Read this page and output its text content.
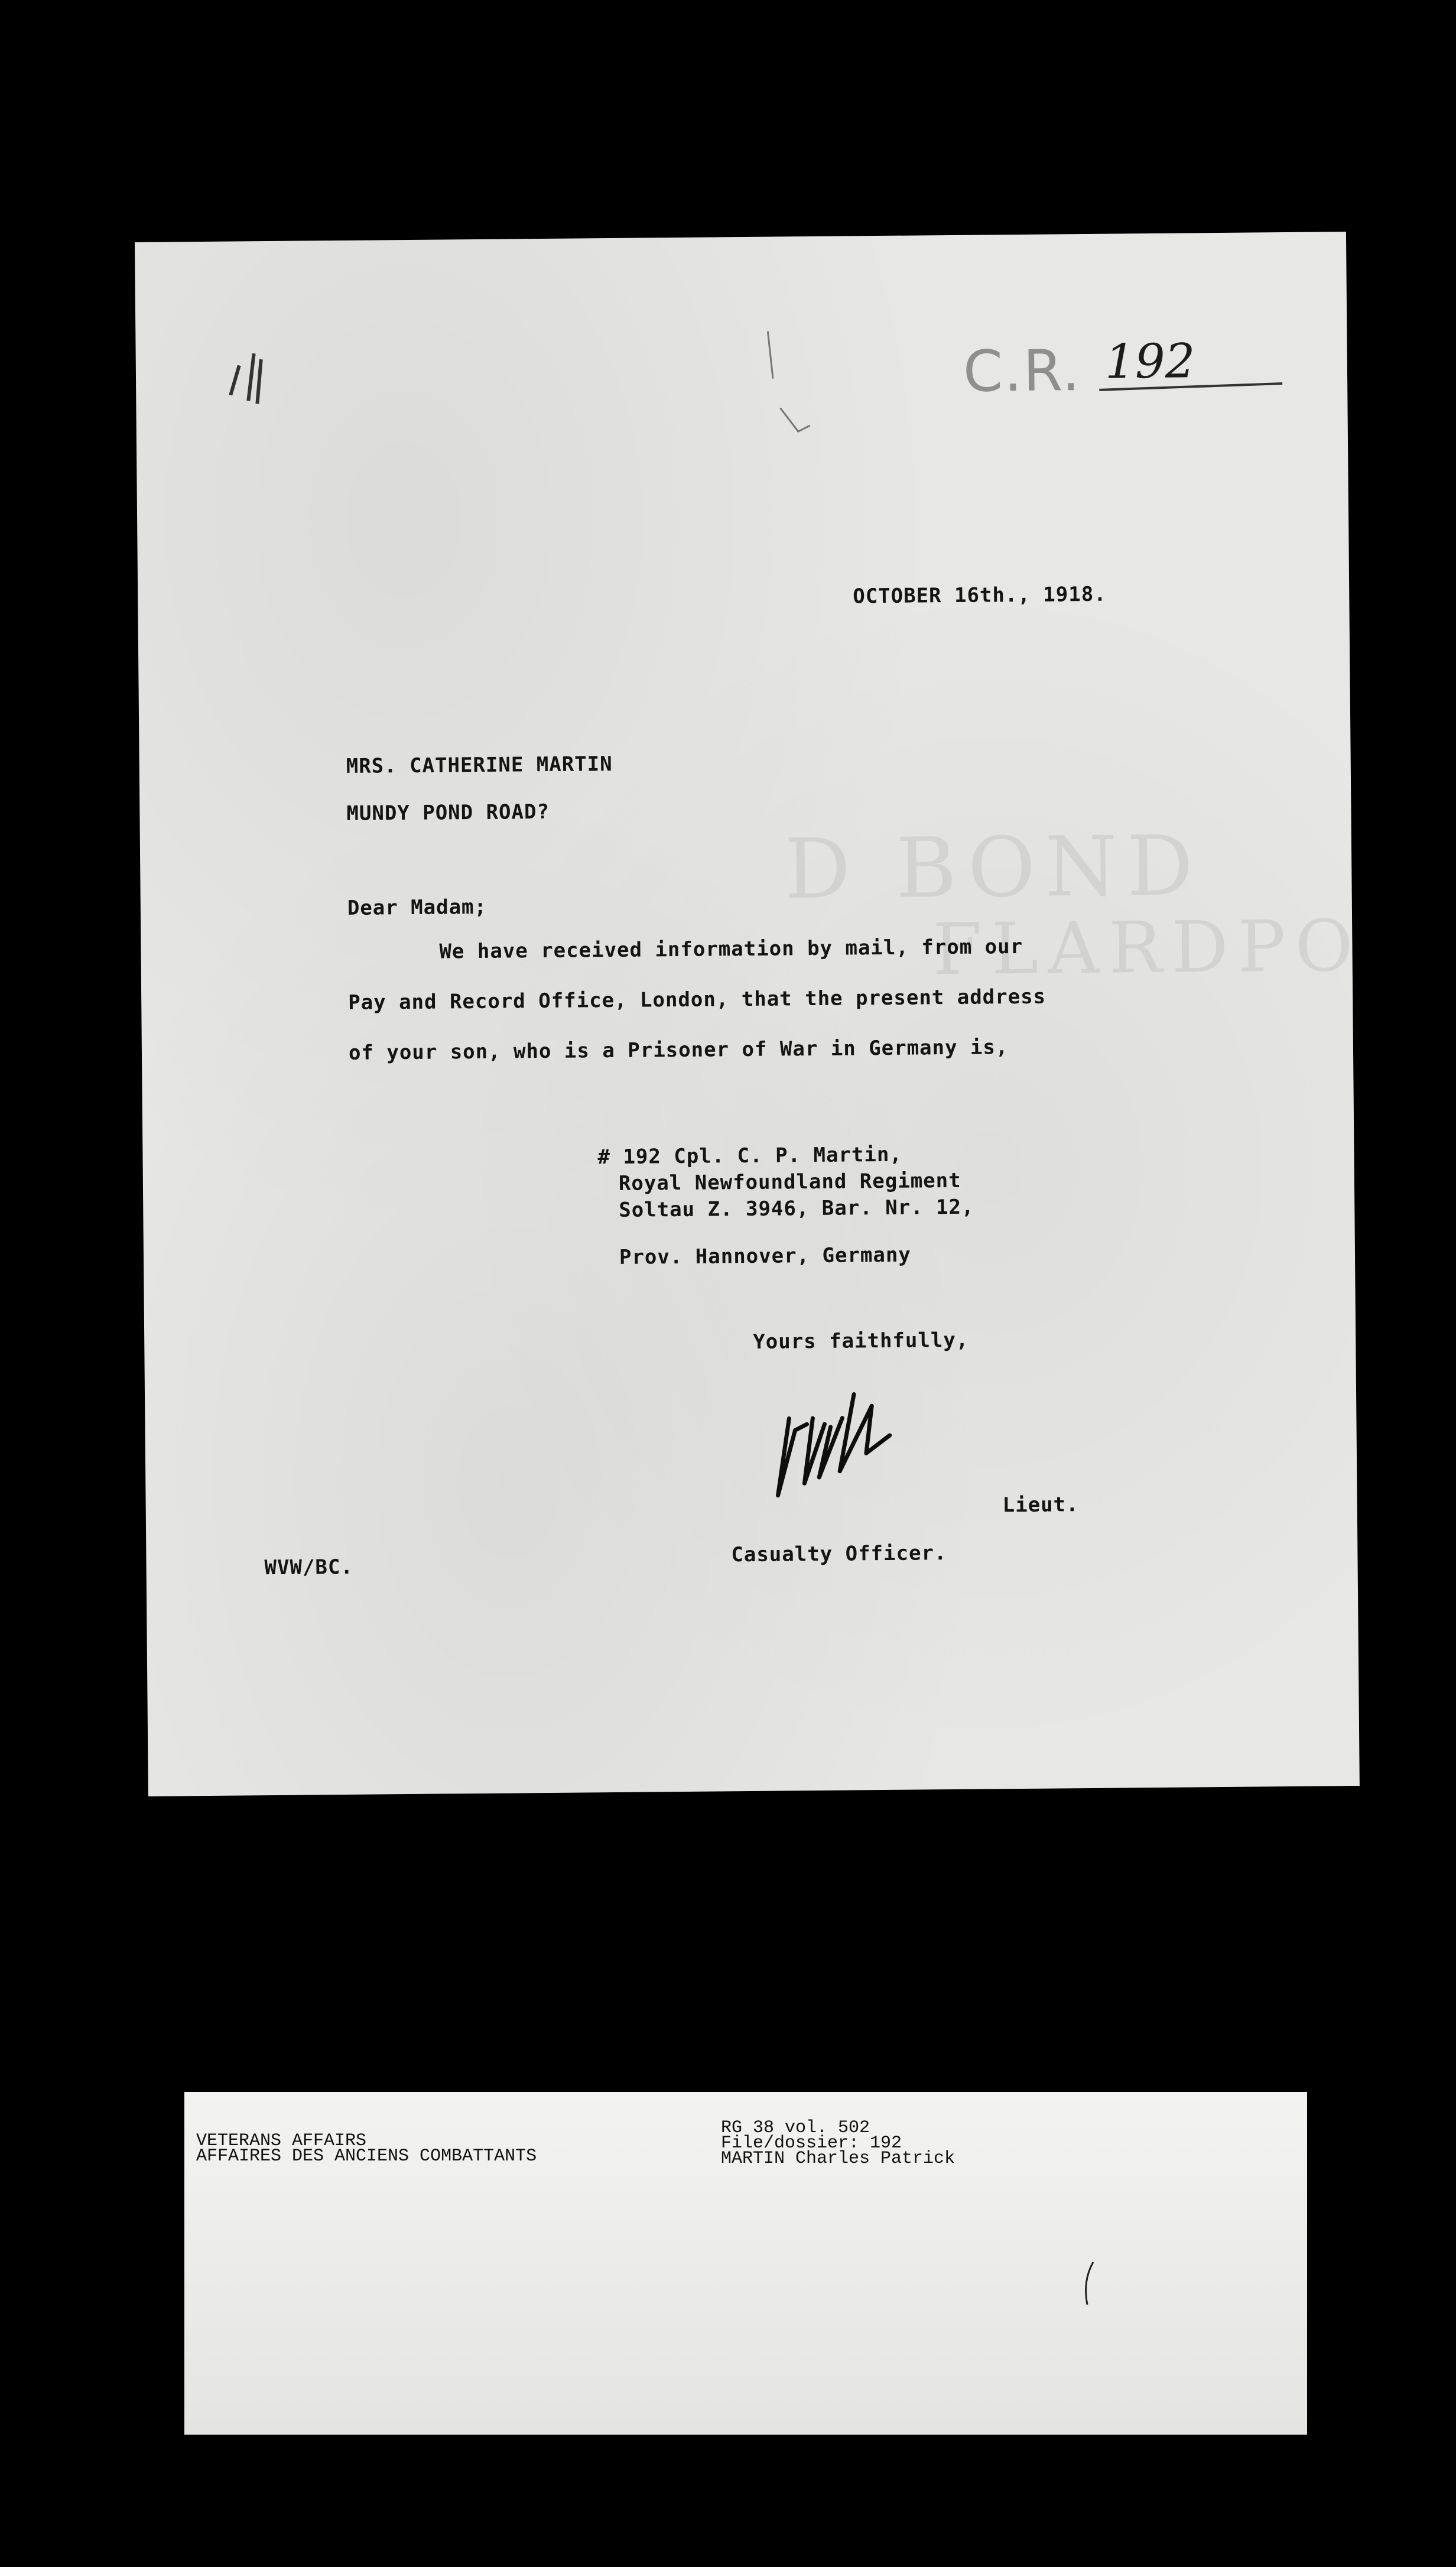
D BOND
FLARDPO
C.R. 192
OCTOBER 16th., 1918.
MRS. CATHERINE MARTIN
MUNDY POND ROAD?
Dear Madam;
We have received information by mail, from our
Pay and Record Office, London, that the present address
of your son, who is a Prisoner of War in Germany is,
# 192 Cpl. C. P. Martin,
Royal Newfoundland Regiment
Soltau Z. 3946, Bar. Nr. 12,
Prov. Hannover, Germany
Yours faithfully,
Lieut.
Casualty Officer.
WVW/BC.
VETERANS AFFAIRS
AFFAIRES DES ANCIENS COMBATTANTS
RG 38 vol. 502
File/dossier: 192
MARTIN Charles Patrick
